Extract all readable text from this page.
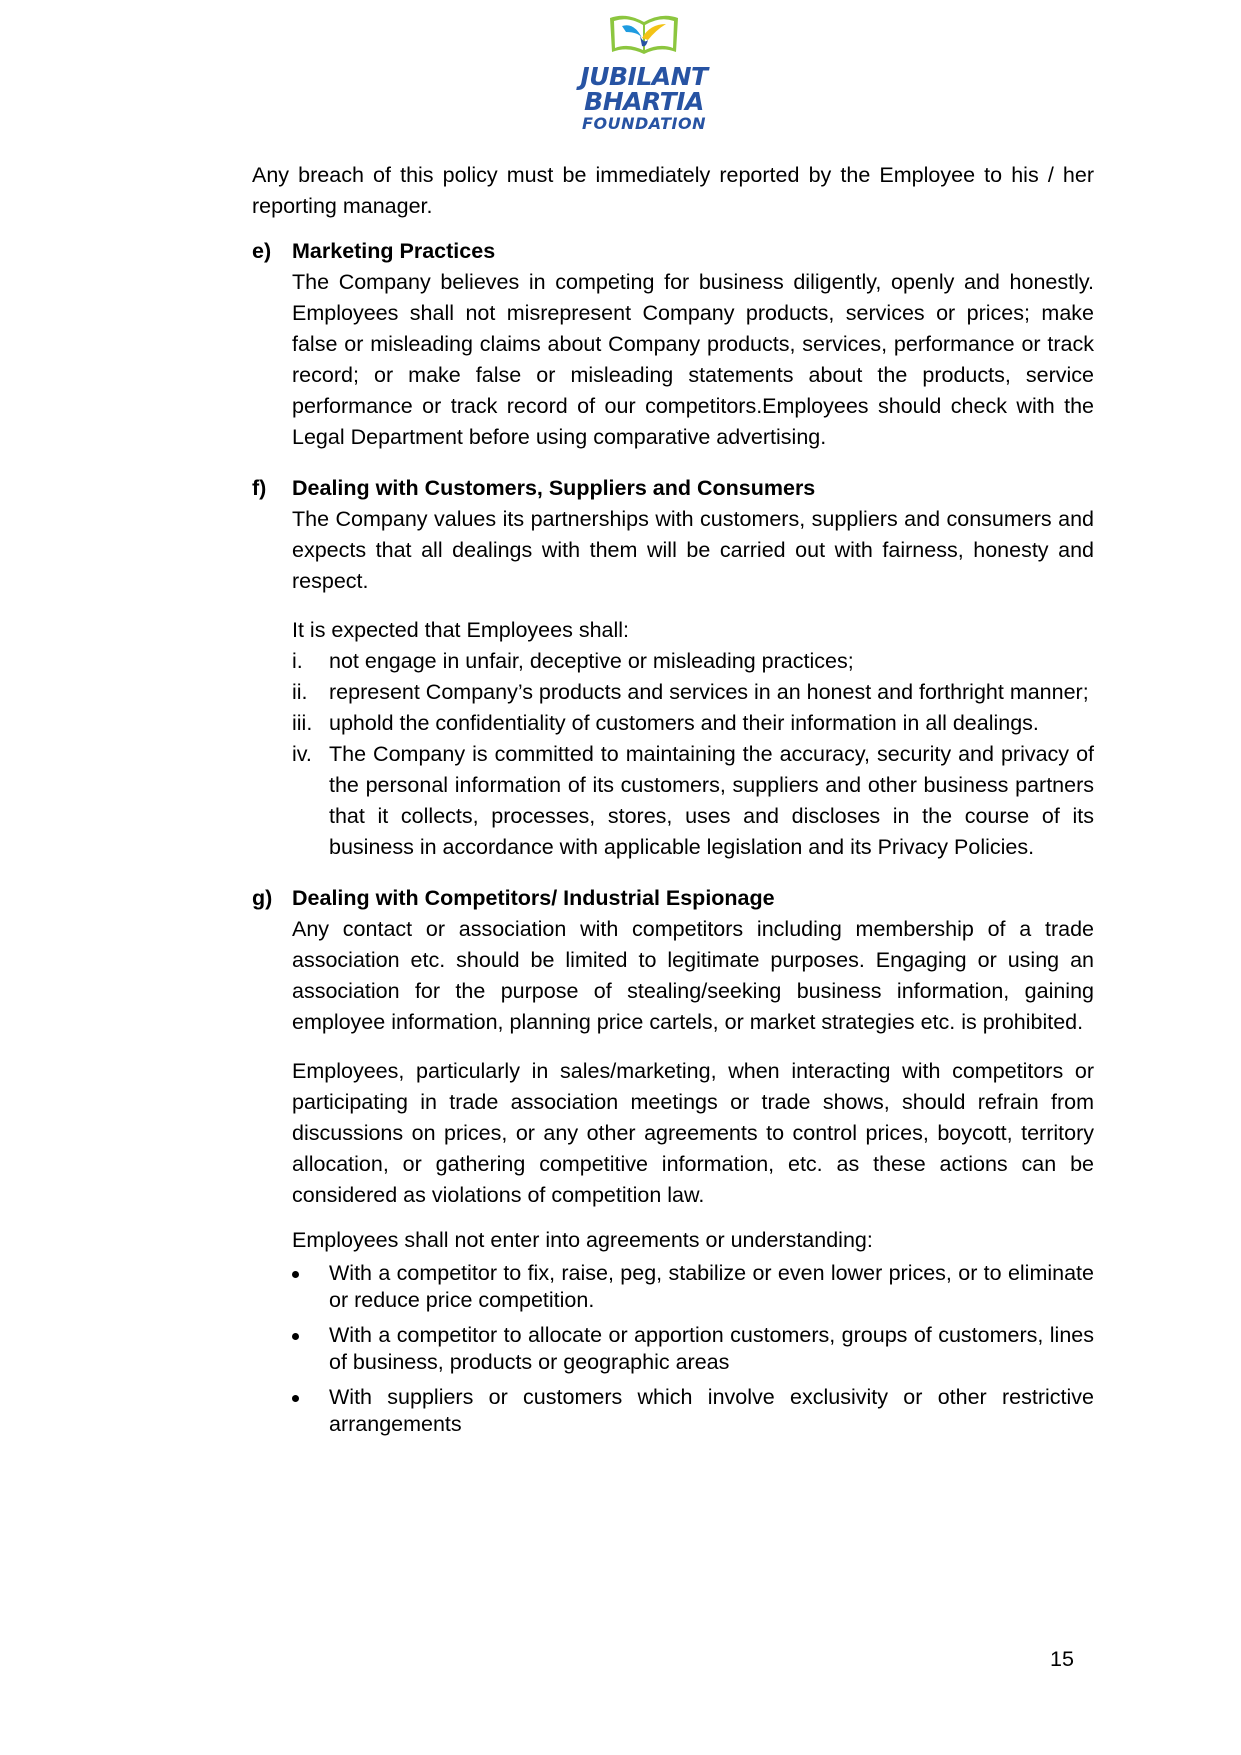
JUBILANT
BHARTIA
FOUNDATION

Any breach of this policy must be immediately reported by the Employee to his / her reporting manager.

e) Marketing Practices

The Company believes in competing for business diligently, openly and honestly. Employees shall not misrepresent Company products, services or prices; make false or misleading claims about Company products, services, performance or track record; or make false or misleading statements about the products, service performance or track record of our competitors.Employees should check with the Legal Department before using comparative advertising.

f)	Dealing with Customers, Suppliers and Consumers

The Company values its partnerships with customers, suppliers and consumers and expects that all dealings with them will be carried out with fairness, honesty and respect.

It is expected that Employees shall:

i. not engage in unfair, deceptive or misleading practices;
ii. represent Company’s products and services in an honest and forthright manner;
iii. uphold the confidentiality of customers and their information in all dealings.
iv. The Company is committed to maintaining the accuracy, security and privacy of the personal information of its customers, suppliers and other business partners that it collects, processes, stores, uses and discloses in the course of its business in accordance with applicable legislation and its Privacy Policies.
g) Dealing with Competitors/ Industrial Espionage

Any contact or association with competitors including membership of a trade association etc. should be limited to legitimate purposes. Engaging or using an association for the purpose of stealing/seeking business information, gaining employee information, planning price cartels, or market strategies etc. is prohibited.

Employees, particularly in sales/marketing, when interacting with competitors or participating in trade association meetings or trade shows, should refrain from discussions on prices, or any other agreements to control prices, boycott, territory allocation, or gathering competitive information, etc. as these actions can be considered as violations of competition law.

Employees shall not enter into agreements or understanding:

With a competitor to fix, raise, peg, stabilize or even lower prices, or to eliminate or reduce price competition.
With a competitor to allocate or apportion customers, groups of customers, lines of business, products or geographic areas
With suppliers or customers which involve exclusivity or other restrictive arrangements
15
